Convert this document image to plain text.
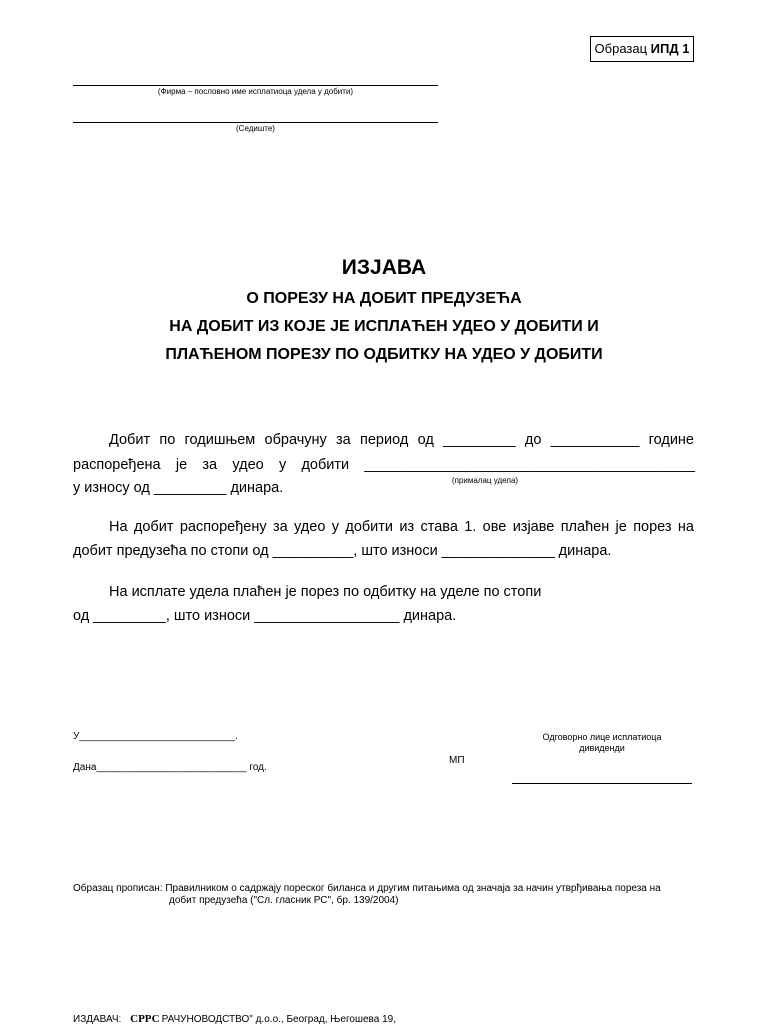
Образац ИПД 1
(Фирма – пословно име исплатиоца удела у добити)
(Седиште)
ИЗЈАВА
О ПОРЕЗУ НА ДОБИТ ПРЕДУЗЕЋА
НА ДОБИТ ИЗ КОЈЕ ЈЕ ИСПЛАЋЕН УДЕО У ДОБИТИ И
ПЛАЋЕНОМ ПОРЕЗУ ПО ОДБИТКУ НА УДЕО У ДОБИТИ
Добит по годишњем обрачуну за период од _________ до ___________ године
распоређена је за удео у добити _________________________________________
(прималац удела)
у износу од _________ динара.
На добит распоређену за удео у добити из става 1. ове изјаве плаћен је порез на
добит предузећа по стопи од __________, што износи ______________ динара.
На исплате удела плаћен је порез по одбитку на уделе по стопи
од _________, што износи __________________ динара.
У____________________________.
Дана___________________________ год.
МП
Одговорно лице исплатиоца
дивиденди
Образац прописан: Правилником о садржају пореског биланса и другим питањима од значаја за начин утврђивања пореза на
добит предузећа ("Сл. гласник РС", бр. 139/2004)
ИЗДАВАЧ: СРРС РАЧУНОВОДСТВО" д.о.о., Београд, Његошева 19,
